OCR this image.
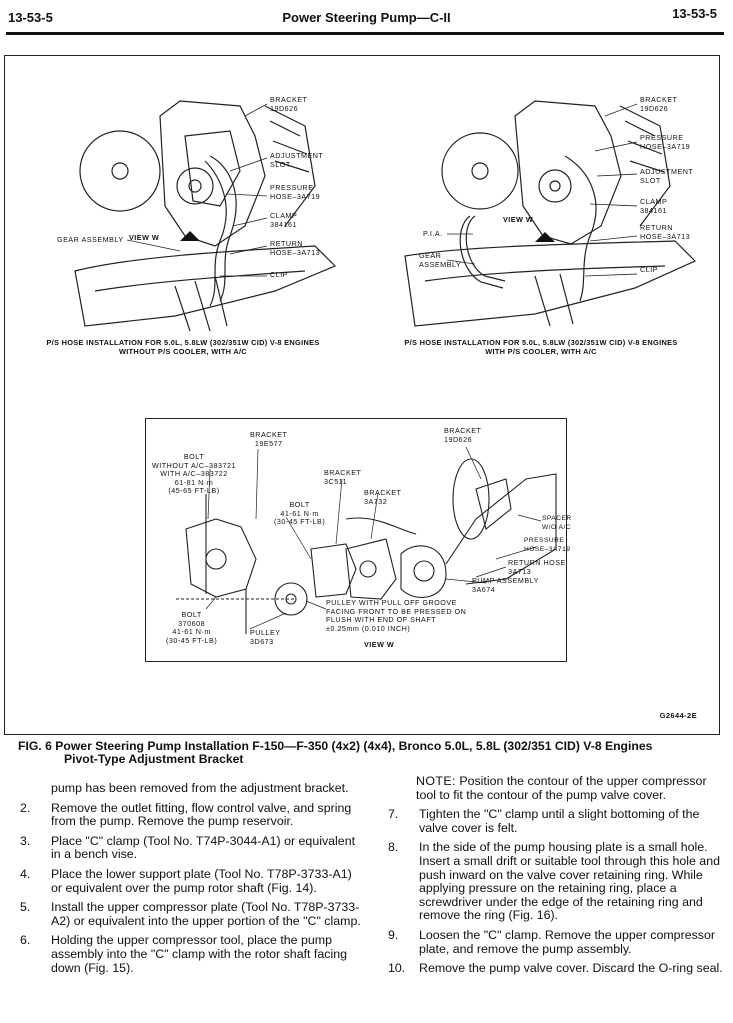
13-53-5	Power Steering Pump—C-II	13-53-5
BRACKET
19D626
ADJUSTMENT
SLOT
PRESSURE
HOSE–3A719
CLAMP
384161
RETURN
HOSE–3A713
CLIP
VIEW W
GEAR ASSEMBLY
P/S HOSE INSTALLATION FOR 5.0L, 5.8LW (302/351W CID) V-8 ENGINES
WITHOUT P/S COOLER, WITH A/C
BRACKET
19D626
PRESSURE
HOSE–3A719
ADJUSTMENT
SLOT
CLAMP
384161
RETURN
HOSE–3A713
CLIP
VIEW W
P.I.A.
GEAR
ASSEMBLY
P/S HOSE INSTALLATION FOR 5.0L, 5.8LW (302/351W CID) V-8 ENGINES
WITH P/S COOLER, WITH A/C
BRACKET
19E577
BOLT
WITHOUT A/C–383721
WITH A/C–383722
61-81 N·m
(45-65 FT-LB)
BRACKET
3C511
BRACKET
3A732
BOLT
41-61 N·m
(30-45 FT-LB)
BRACKET
19D626
SPACER
W/O A/C
PRESSURE
HOSE–3A719
RETURN HOSE
3A713
PUMP ASSEMBLY
3A674
PULLEY WITH PULL OFF GROOVE
FACING FRONT TO BE PRESSED ON
FLUSH WITH END OF SHAFT
±0.25mm (0.010 INCH)
BOLT
370608
41-61 N·m
(30-45 FT-LB)
PULLEY
3D673	VIEW W
G2644-2E
FIG. 6 Power Steering Pump Installation F-150—F-350 (4x2) (4x4), Bronco 5.0L, 5.8L (302/351 CID) V-8 Engines
Pivot-Type Adjustment Bracket
pump has been removed from the adjustment bracket.
2. Remove the outlet fitting, flow control valve, and spring from the pump. Remove the pump reservoir.
3. Place "C" clamp (Tool No. T74P-3044-A1) or equivalent in a bench vise.
4. Place the lower support plate (Tool No. T78P-3733-A1) or equivalent over the pump rotor shaft (Fig. 14).
5. Install the upper compressor plate (Tool No. T78P-3733-A2) or equivalent into the upper portion of the "C" clamp.
6. Holding the upper compressor tool, place the pump assembly into the "C" clamp with the rotor shaft facing down (Fig. 15).
NOTE: Position the contour of the upper compressor tool to fit the contour of the pump valve cover.
7. Tighten the "C" clamp until a slight bottoming of the valve cover is felt.
8. In the side of the pump housing plate is a small hole. Insert a small drift or suitable tool through this hole and push inward on the valve cover retaining ring. While applying pressure on the retaining ring, place a screwdriver under the edge of the retaining ring and remove the ring (Fig. 16).
9. Loosen the "C" clamp. Remove the upper compressor plate, and remove the pump assembly.
10. Remove the pump valve cover. Discard the O-ring seal.
